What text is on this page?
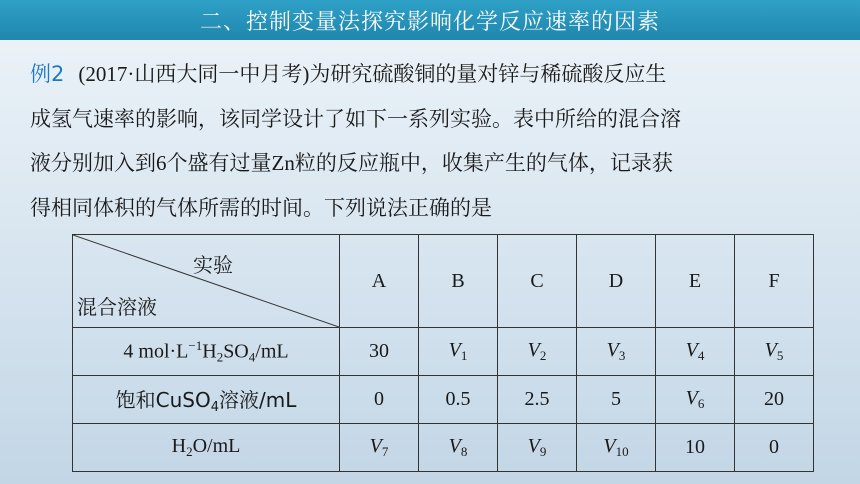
二、控制变量法探究影响化学反应速率的因素
例2 (2017·山西大同一中月考)为研究硫酸铜的量对锌与稀硫酸反应生
成氢气速率的影响，该同学设计了如下一系列实验。表中所给的混合溶
液分别加入到6个盛有过量Zn粒的反应瓶中，收集产生的气体，记录获
得相同体积的气体所需的时间。下列说法正确的是
实验
混合溶液	A	B	C	D	E	F
4 $mol\cdot L^{-1}H_2SO_4/mL$	30	$V_1$	$V_2$	$V_3$	$V_4$	$V_5$
饱和CuSO$_4$溶液/mL	0	0.5	2.5	5	$V_6$	20
$H_2O/mL$	$V_7$	$V_8$	$V_9$	$V_{10}$	10	0
